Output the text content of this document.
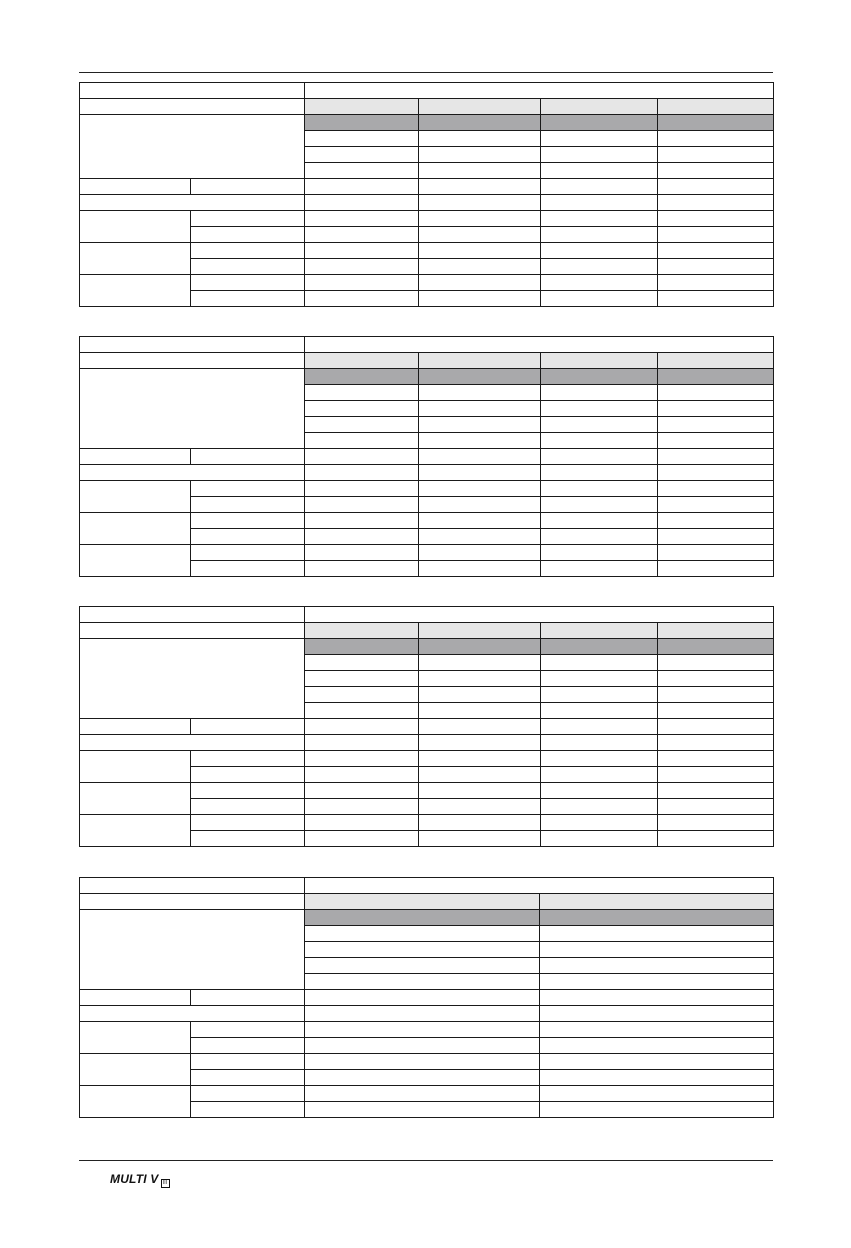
MULTI V III
